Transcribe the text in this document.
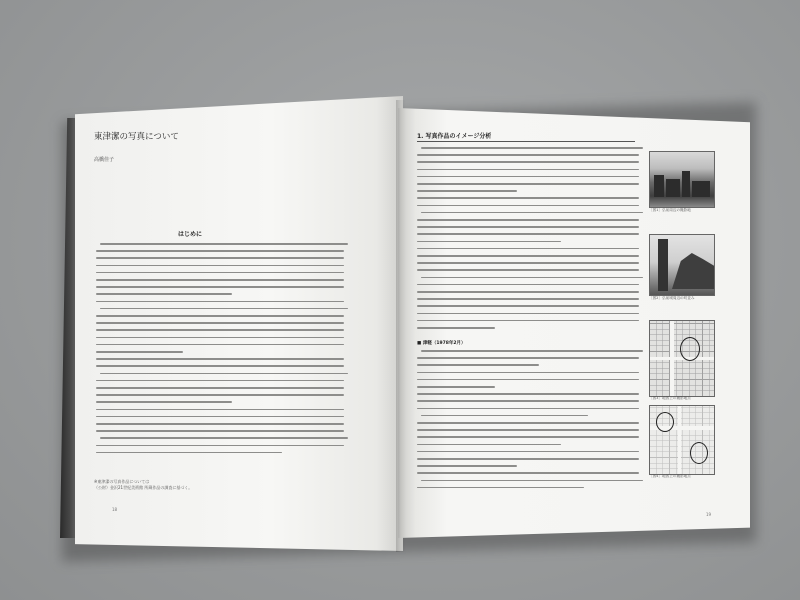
東津潔の写真について
高橋佳子
はじめに
※東津潔の写真作品については
（公財）金沢21世紀美術館 所蔵作品の調査に基づく。
18
1. 写真作品のイメージ分析
■ 津軽（1978年2月）
19
［図1］弘前周辺の撮影地
［図2］弘前城周辺の町並み
［図3］地図上の撮影地点
［図4］地図上の撮影地点
